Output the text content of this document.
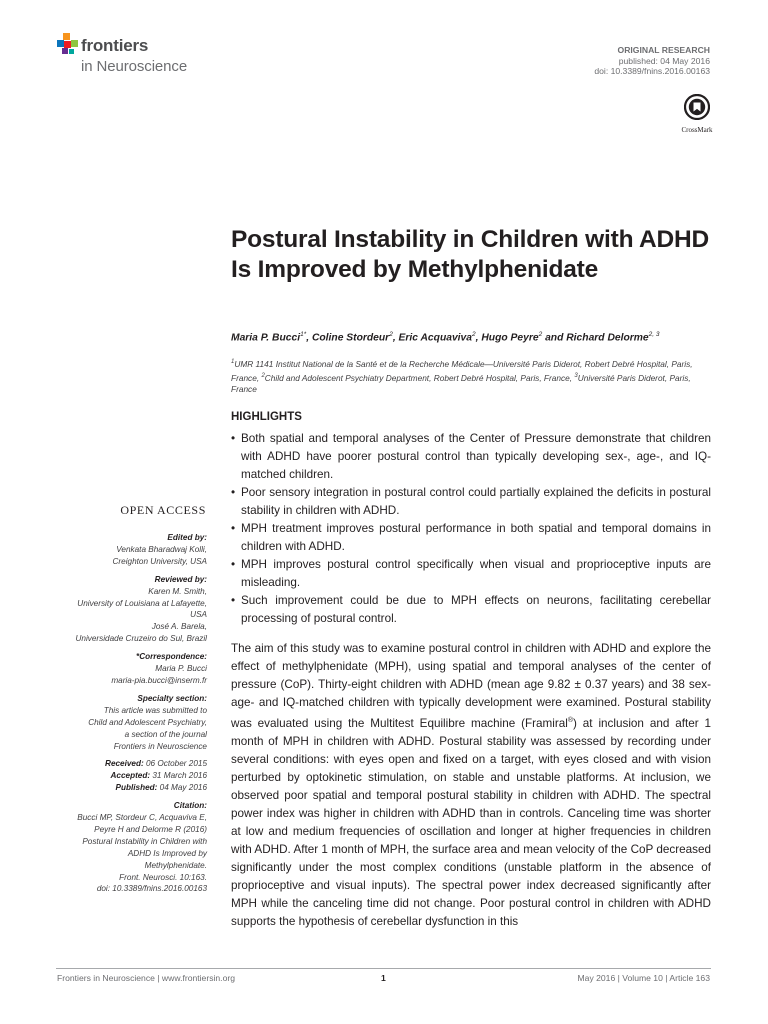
frontiers
in Neuroscience
ORIGINAL RESEARCH
published: 04 May 2016
doi: 10.3389/fnins.2016.00163
CrossMark
Postural Instability in Children with ADHD Is Improved by Methylphenidate
Maria P. Bucci$^{1*}$, Coline Stordeur$^2$, Eric Acquaviva$^2$, Hugo Peyre$^2$ and Richard Delorme$^{2, 3}$
$^1$UMR 1141 Institut National de la Santé et de la Recherche Médicale—Université Paris Diderot, Robert Debré Hospital, Paris, France, $^2$Child and Adolescent Psychiatry Department, Robert Debré Hospital, Paris, France, $^3$Université Paris Diderot, Paris, France
HIGHLIGHTS
• Both spatial and temporal analyses of the Center of Pressure demonstrate that children with ADHD have poorer postural control than typically developing sex-, age-, and IQ-matched children.
• Poor sensory integration in postural control could partially explained the deficits in postural stability in children with ADHD.
• MPH treatment improves postural performance in both spatial and temporal domains in children with ADHD.
• MPH improves postural control specifically when visual and proprioceptive inputs are misleading.
• Such improvement could be due to MPH effects on neurons, facilitating cerebellar processing of postural control.
The aim of this study was to examine postural control in children with ADHD and explore the effect of methylphenidate (MPH), using spatial and temporal analyses of the center of pressure (CoP). Thirty-eight children with ADHD (mean age 9.82 ± 0.37 years) and 38 sex- age- and IQ-matched children with typically development were examined. Postural stability was evaluated using the Multitest Equilibre machine (Framiral®) at inclusion and after 1 month of MPH in children with ADHD. Postural stability was assessed by recording under several conditions: with eyes open and fixed on a target, with eyes closed and with vision perturbed by optokinetic stimulation, on stable and unstable platforms. At inclusion, we observed poor spatial and temporal postural stability in children with ADHD. The spectral power index was higher in children with ADHD than in controls. Canceling time was shorter at low and medium frequencies of oscillation and longer at higher frequencies in children with ADHD. After 1 month of MPH, the surface area and mean velocity of the CoP decreased significantly under the most complex conditions (unstable platform in the absence of proprioceptive and visual inputs). The spectral power index decreased significantly after MPH while the canceling time did not change. Poor postural control in children with ADHD supports the hypothesis of cerebellar dysfunction in this
OPEN ACCESS
Edited by:
Venkata Bharadwaj Kolli,
Creighton University, USA
Reviewed by:
Karen M. Smith,
University of Louisiana at Lafayette,
USA
José A. Barela,
Universidade Cruzeiro do Sul, Brazil
*Correspondence:
Maria P. Bucci
maria-pia.bucci@inserm.fr
Specialty section:
This article was submitted to
Child and Adolescent Psychiatry,
a section of the journal
Frontiers in Neuroscience
Received: 06 October 2015
Accepted: 31 March 2016
Published: 04 May 2016
Citation:
Bucci MP, Stordeur C, Acquaviva E,
Peyre H and Delorme R (2016)
Postural Instability in Children with
ADHD Is Improved by
Methylphenidate.
Front. Neurosci. 10:163.
doi: 10.3389/fnins.2016.00163
Frontiers in Neuroscience | www.frontiersin.org	1	May 2016 | Volume 10 | Article 163
